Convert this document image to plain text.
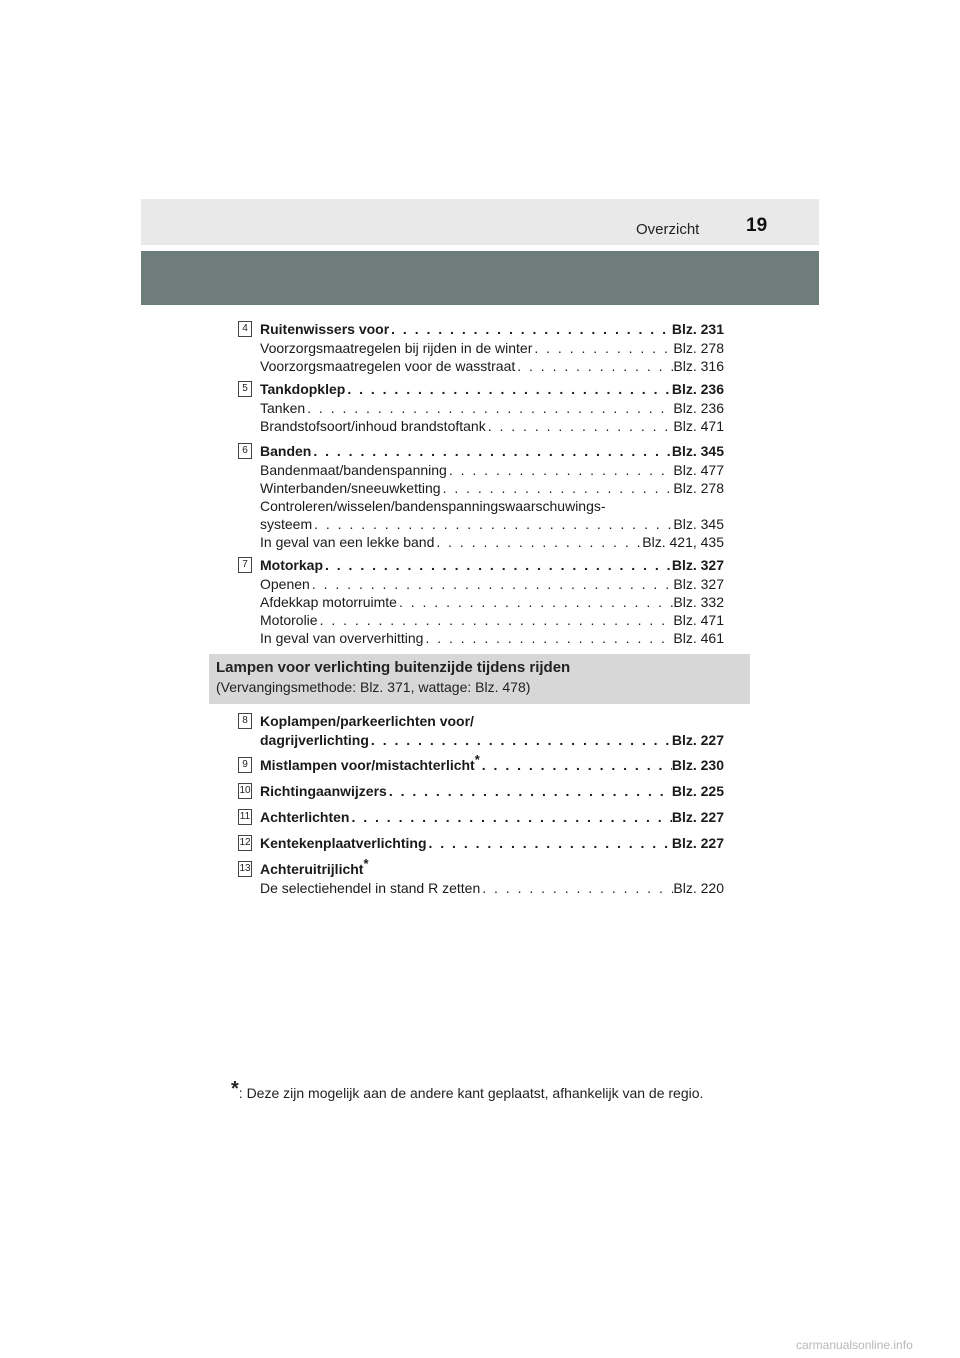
Overzicht 19
4 Ruitenwissers voor . . .	Blz. 231
Voorzorgsmaatregelen bij rijden in de winter . . .	Blz. 278
Voorzorgsmaatregelen voor de wasstraat . . .	Blz. 316
5 Tankdopklep . . .	Blz. 236
Tanken . . .	Blz. 236
Brandstofsoort/inhoud brandstoftank . . .	Blz. 471
6 Banden . . .	Blz. 345
Bandenmaat/bandenspanning . . .	Blz. 477
Winterbanden/sneeuwketting . . .	Blz. 278
Controleren/wisselen/bandenspanningswaarschuwings-
systeem . . .	Blz. 345
In geval van een lekke band . . .	Blz. 421, 435
7 Motorkap . . .	Blz. 327
Openen . . .	Blz. 327
Afdekkap motorruimte . . .	Blz. 332
Motorolie . . .	Blz. 471
In geval van oververhitting . . .	Blz. 461
Lampen voor verlichting buitenzijde tijdens rijden
(Vervangingsmethode: Blz. 371, wattage: Blz. 478)
8 Koplampen/parkeerlichten voor/
dagrijverlichting . . .	Blz. 227
9 Mistlampen voor/mistachterlicht* . . .	Blz. 230
10 Richtingaanwijzers . . .	Blz. 225
11 Achterlichten . . .	Blz. 227
12 Kentekenplaatverlichting . . .	Blz. 227
13 Achteruitrijlicht*
De selectiehendel in stand R zetten . . .	Blz. 220
*: Deze zijn mogelijk aan de andere kant geplaatst, afhankelijk van de regio.
carmanualsonline.info
